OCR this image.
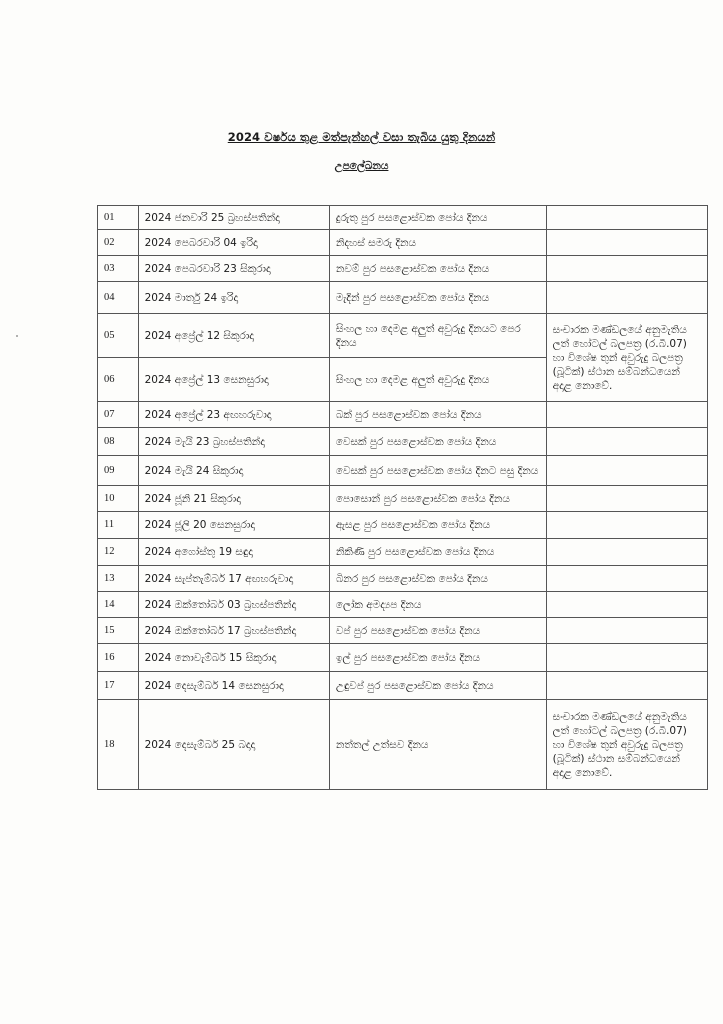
2024 වර්ෂය තුළ මත්පැන්හල් වසා තැබිය යුතු දිනයන්
උපලේඛනය
01	2024 ජනවාරි 25 බ්‍රහස්පතින්දා	දුරුතු පුර පසළොස්වක පෝය දිනය	
02	2024 පෙබරවාරි 04 ඉරිදා	නිදහස් සමරු දිනය	
03	2024 පෙබරවාරි 23 සිකුරාදා	නවම් පුර පසළොස්වක පෝය දිනය	
04	2024 මාර්තු 24 ඉරිදා	මැදින් පුර පසළොස්වක පෝය දිනය	
05	2024 අප්‍රේල් 12 සිකුරාදා	සිංහල හා දෙමළ අලුත් අවුරුදු දිනයට පෙර දිනය	සංචාරක මණ්ඩලයේ අනුමැතිය ලත් හෝටල් බලපත්‍ර (ර.බී.07) හා විශේෂ තුන් අවුරුදු බලපත්‍ර (බූටික්) ස්ථාන සම්බන්ධයෙන් අදාළ නොවේ.
06	2024 අප්‍රේල් 13 සෙනසුරාදා	සිංහල හා දෙමළ අලුත් අවුරුදු දිනය	
07	2024 අප්‍රේල් 23 අඟහරුවාදා	බක් පුර පසළොස්වක පෝය දිනය	
08	2024 මැයි 23 බ්‍රහස්පතින්දා	වෙසක් පුර පසළොස්වක පෝය දිනය	
09	2024 මැයි 24 සිකුරාදා	වෙසක් පුර පසළොස්වක පෝය දිනට පසු දිනය	
10	2024 ජූනි 21 සිකුරාදා	පොසොන් පුර පසළොස්වක පෝය දිනය	
11	2024 ජූලි 20 සෙනසුරාදා	ඇසළ පුර පසළොස්වක පෝය දිනය	
12	2024 අගෝස්තු 19 සඳුදා	නිකිණි පුර පසළොස්වක පෝය දිනය	
13	2024 සැප්තැම්බර් 17 අඟහරුවාදා	බිනර පුර පසළොස්වක පෝය දිනය	
14	2024 ඔක්තෝබර් 03 බ්‍රහස්පතින්දා	ලෝක අමද්‍යප දිනය	
15	2024 ඔක්තෝබර් 17 බ්‍රහස්පතින්දා	වප් පුර පසළොස්වක පෝය දිනය	
16	2024 නොවැම්බර් 15 සිකුරාදා	ඉල් පුර පසළොස්වක පෝය දිනය	
17	2024 දෙසැම්බර් 14 සෙනසුරාදා	උඳුවප් පුර පසළොස්වක පෝය දිනය	
18	2024 දෙසැම්බර් 25 බදාදා	නත්තල් උත්සව දිනය	සංචාරක මණ්ඩලයේ අනුමැතිය ලත් හෝටල් බලපත්‍ර (ර.බී.07) හා විශේෂ තුන් අවුරුදු බලපත්‍ර (බූටික්) ස්ථාන සම්බන්ධයෙන් අදාළ නොවේ.
